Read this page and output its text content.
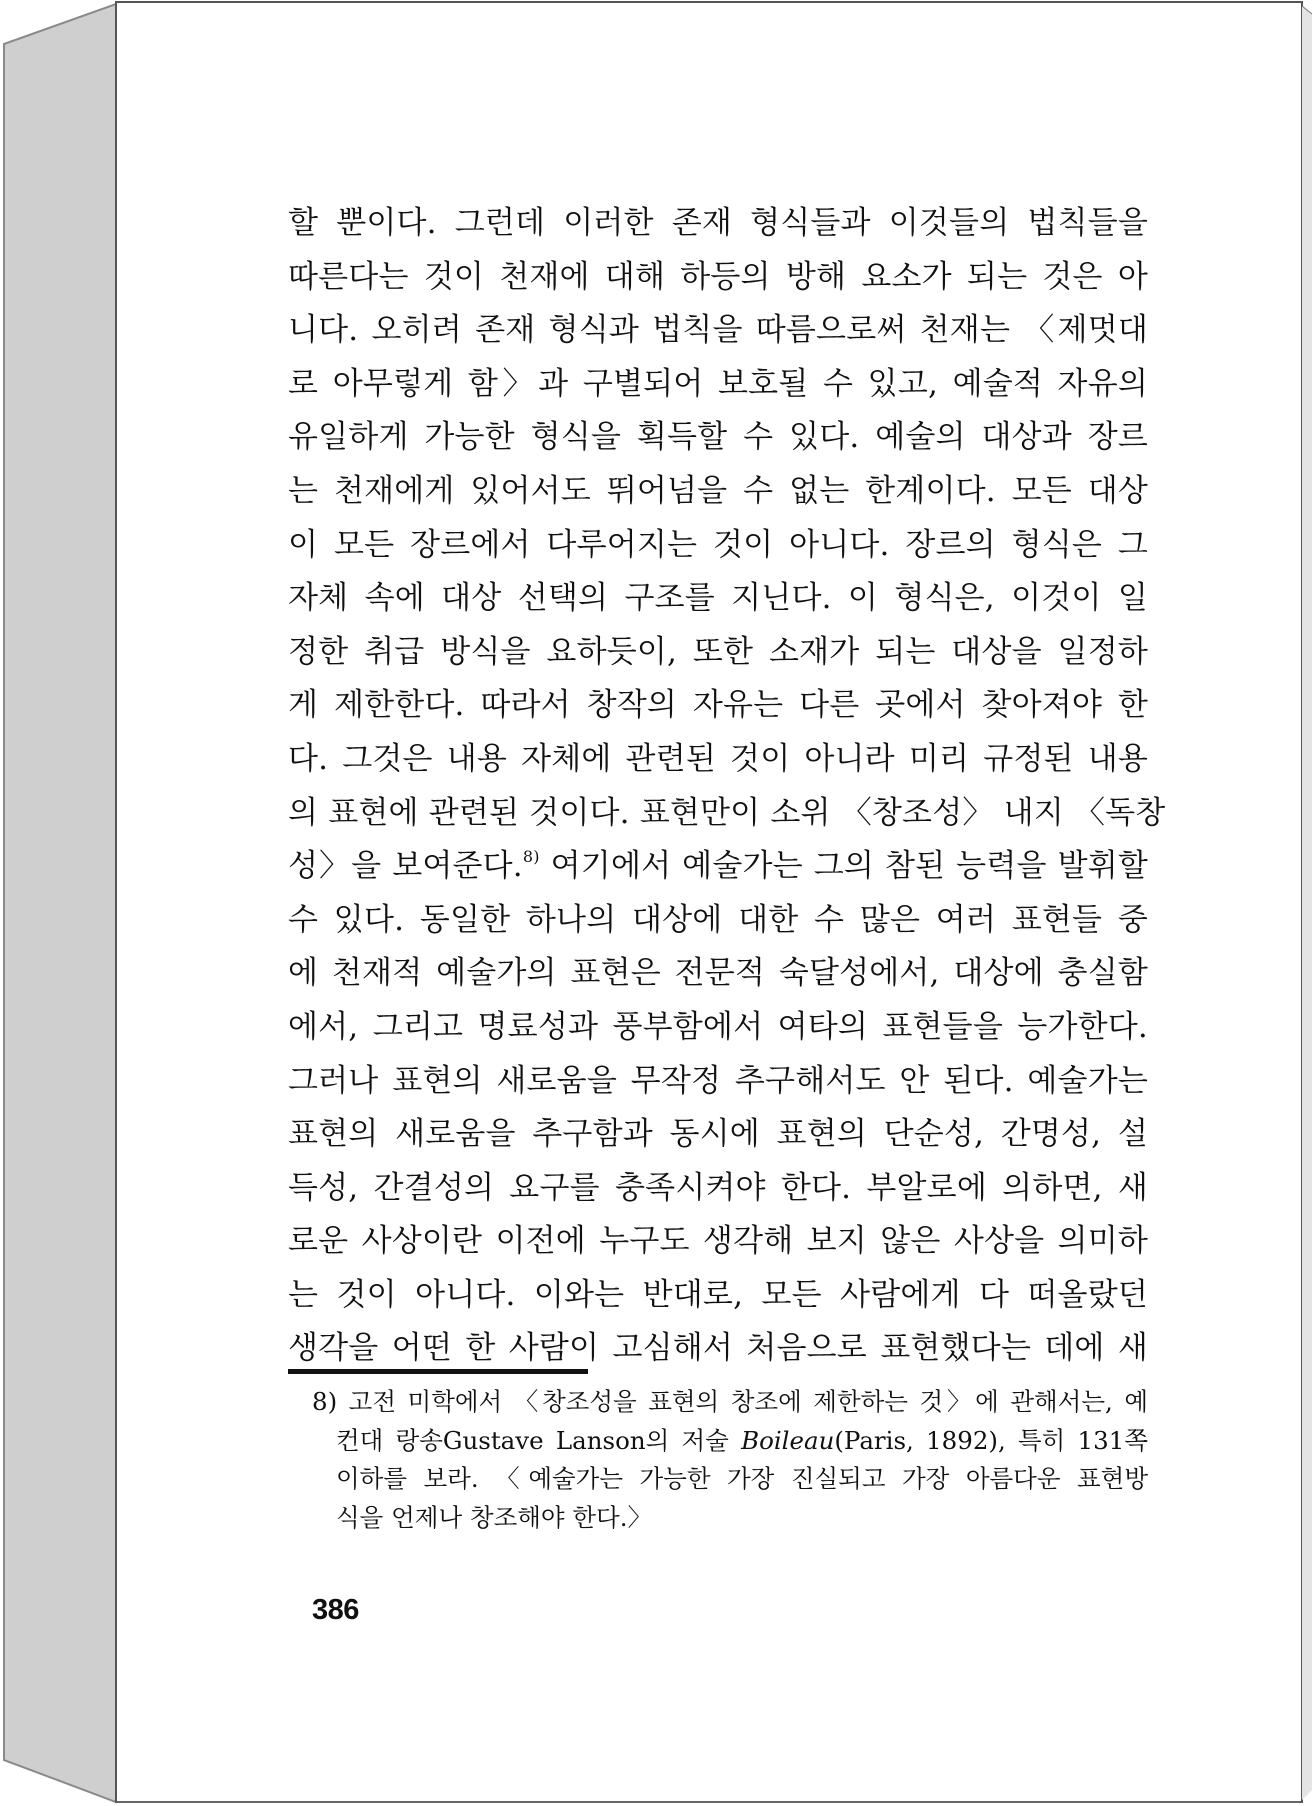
할 뿐이다. 그런데 이러한 존재 형식들과 이것들의 법칙들을
따른다는 것이 천재에 대해 하등의 방해 요소가 되는 것은 아
니다. 오히려 존재 형식과 법칙을 따름으로써 천재는 〈제멋대
로 아무렇게 함〉과 구별되어 보호될 수 있고, 예술적 자유의
유일하게 가능한 형식을 획득할 수 있다. 예술의 대상과 장르
는 천재에게 있어서도 뛰어넘을 수 없는 한계이다. 모든 대상
이 모든 장르에서 다루어지는 것이 아니다. 장르의 형식은 그
자체 속에 대상 선택의 구조를 지닌다. 이 형식은, 이것이 일
정한 취급 방식을 요하듯이, 또한 소재가 되는 대상을 일정하
게 제한한다. 따라서 창작의 자유는 다른 곳에서 찾아져야 한
다. 그것은 내용 자체에 관련된 것이 아니라 미리 규정된 내용
의 표현에 관련된 것이다. 표현만이 소위 〈창조성〉 내지 〈독창
성〉을 보여준다.$^{8)}$ 여기에서 예술가는 그의 참된 능력을 발휘할
수 있다. 동일한 하나의 대상에 대한 수 많은 여러 표현들 중
에 천재적 예술가의 표현은 전문적 숙달성에서, 대상에 충실함
에서, 그리고 명료성과 풍부함에서 여타의 표현들을 능가한다.
그러나 표현의 새로움을 무작정 추구해서도 안 된다. 예술가는
표현의 새로움을 추구함과 동시에 표현의 단순성, 간명성, 설
득성, 간결성의 요구를 충족시켜야 한다. 부알로에 의하면, 새
로운 사상이란 이전에 누구도 생각해 보지 않은 사상을 의미하
는 것이 아니다. 이와는 반대로, 모든 사람에게 다 떠올랐던
생각을 어떤 한 사람이 고심해서 처음으로 표현했다는 데에 새
8) 고전 미학에서 〈창조성을 표현의 창조에 제한하는 것〉에 관해서는, 예
컨대 랑송Gustave Lanson의 저술 Boileau(Paris, 1892), 특히 131쪽
이하를 보라. 〈예술가는 가능한 가장 진실되고 가장 아름다운 표현방
식을 언제나 창조해야 한다.〉
386
